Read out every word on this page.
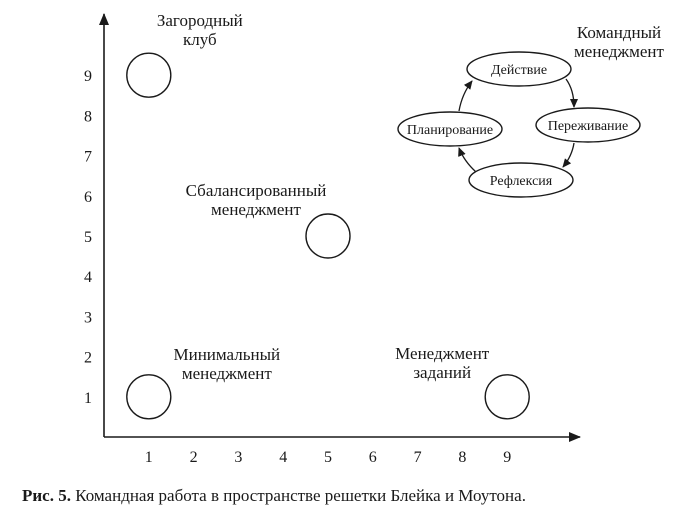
1
2
3
4
5
6
7
8
9
1 2 3 4 5 6 7 8 9
Загородный
клуб
Сбалансированный
менеджмент
Минимальный
менеджмент
Менеджмент
заданий
Командный
менеджмент
Действие
Переживание
Рефлексия
Планирование
Рис. 5. Командная работа в пространстве решетки Блейка и Моутона.
